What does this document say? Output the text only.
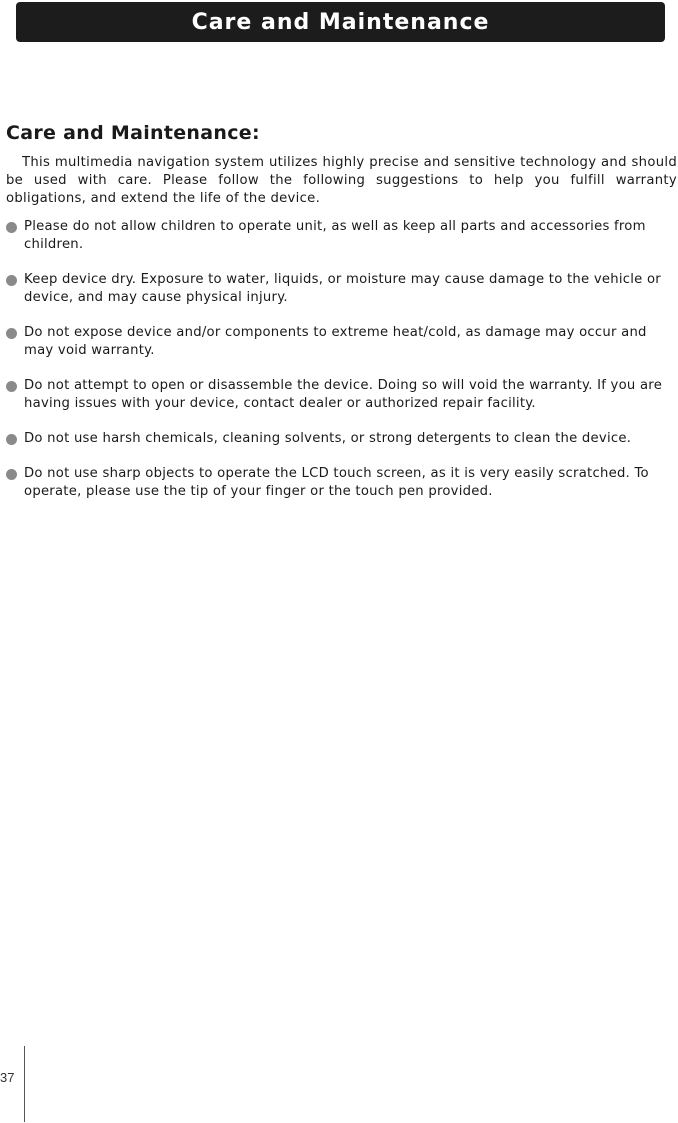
Care and Maintenance
Care and Maintenance:

This multimedia navigation system utilizes highly precise and sensitive technology and should be used with care. Please follow the following suggestions to help you fulfill warranty obligations, and extend the life of the device.

Please do not allow children to operate unit, as well as keep all parts and accessories from children.
Keep device dry. Exposure to water, liquids, or moisture may cause damage to the vehicle or device, and may cause physical injury.
Do not expose device and/or components to extreme heat/cold, as damage may occur and may void warranty.
Do not attempt to open or disassemble the device. Doing so will void the warranty. If you are having issues with your device, contact dealer or authorized repair facility.
Do not use harsh chemicals, cleaning solvents, or strong detergents to clean the device.
Do not use sharp objects to operate the LCD touch screen, as it is very easily scratched. To operate, please use the tip of your finger or the touch pen provided.
37
